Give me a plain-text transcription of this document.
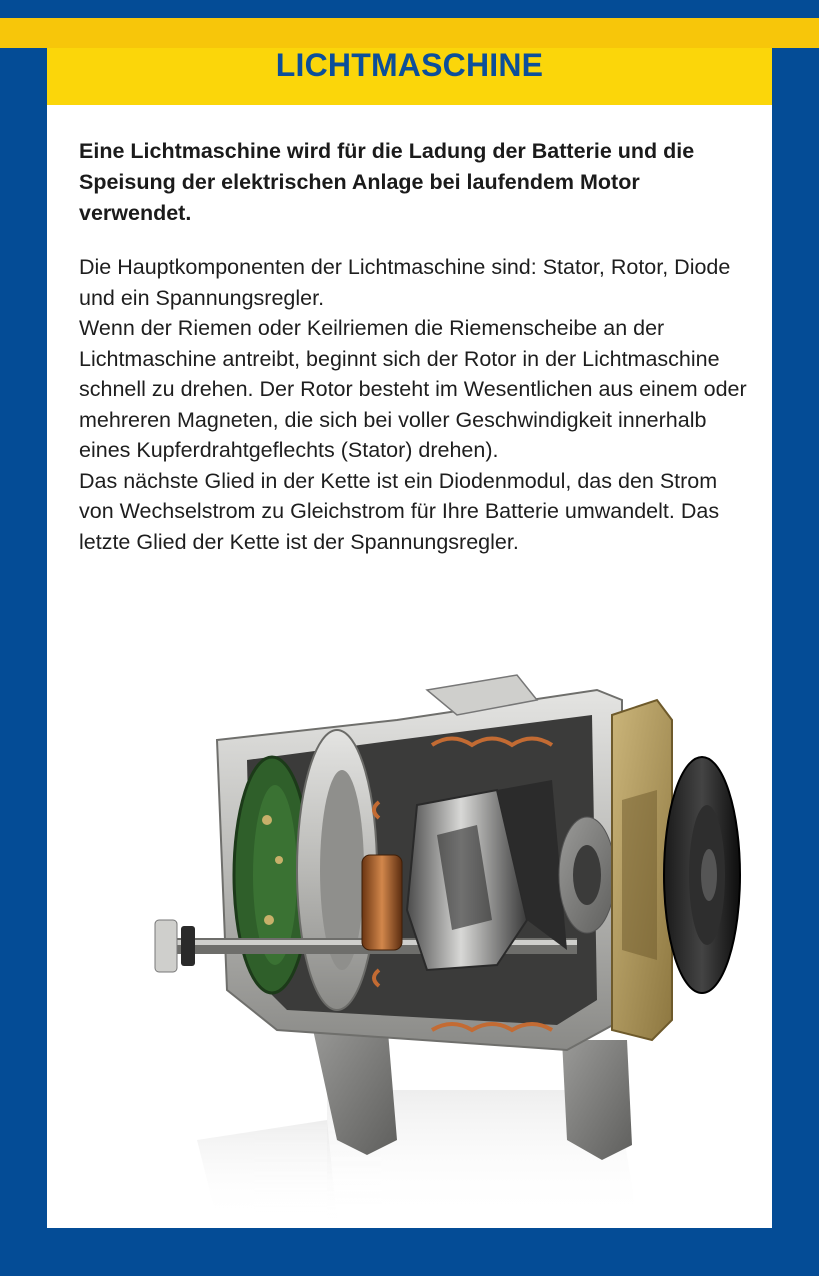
LICHTMASCHINE

Eine Lichtmaschine wird für die Ladung der Batterie und die Speisung der elektrischen Anlage bei laufendem Motor verwendet.

Die Hauptkomponenten der Lichtmaschine sind: Stator, Rotor, Diode und ein Spannungsregler.
Wenn der Riemen oder Keilriemen die Riemenscheibe an der Lichtmaschine antreibt, beginnt sich der Rotor in der Lichtmaschine schnell zu drehen. Der Rotor besteht im Wesentlichen aus einem oder mehreren Magneten, die sich bei voller Geschwindigkeit innerhalb eines Kupferdrahtgeflechts (Stator) drehen).
Das nächste Glied in der Kette ist ein Diodenmodul, das den Strom von Wechselstrom zu Gleichstrom für Ihre Batterie umwandelt. Das letzte Glied der Kette ist der Spannungsregler.
